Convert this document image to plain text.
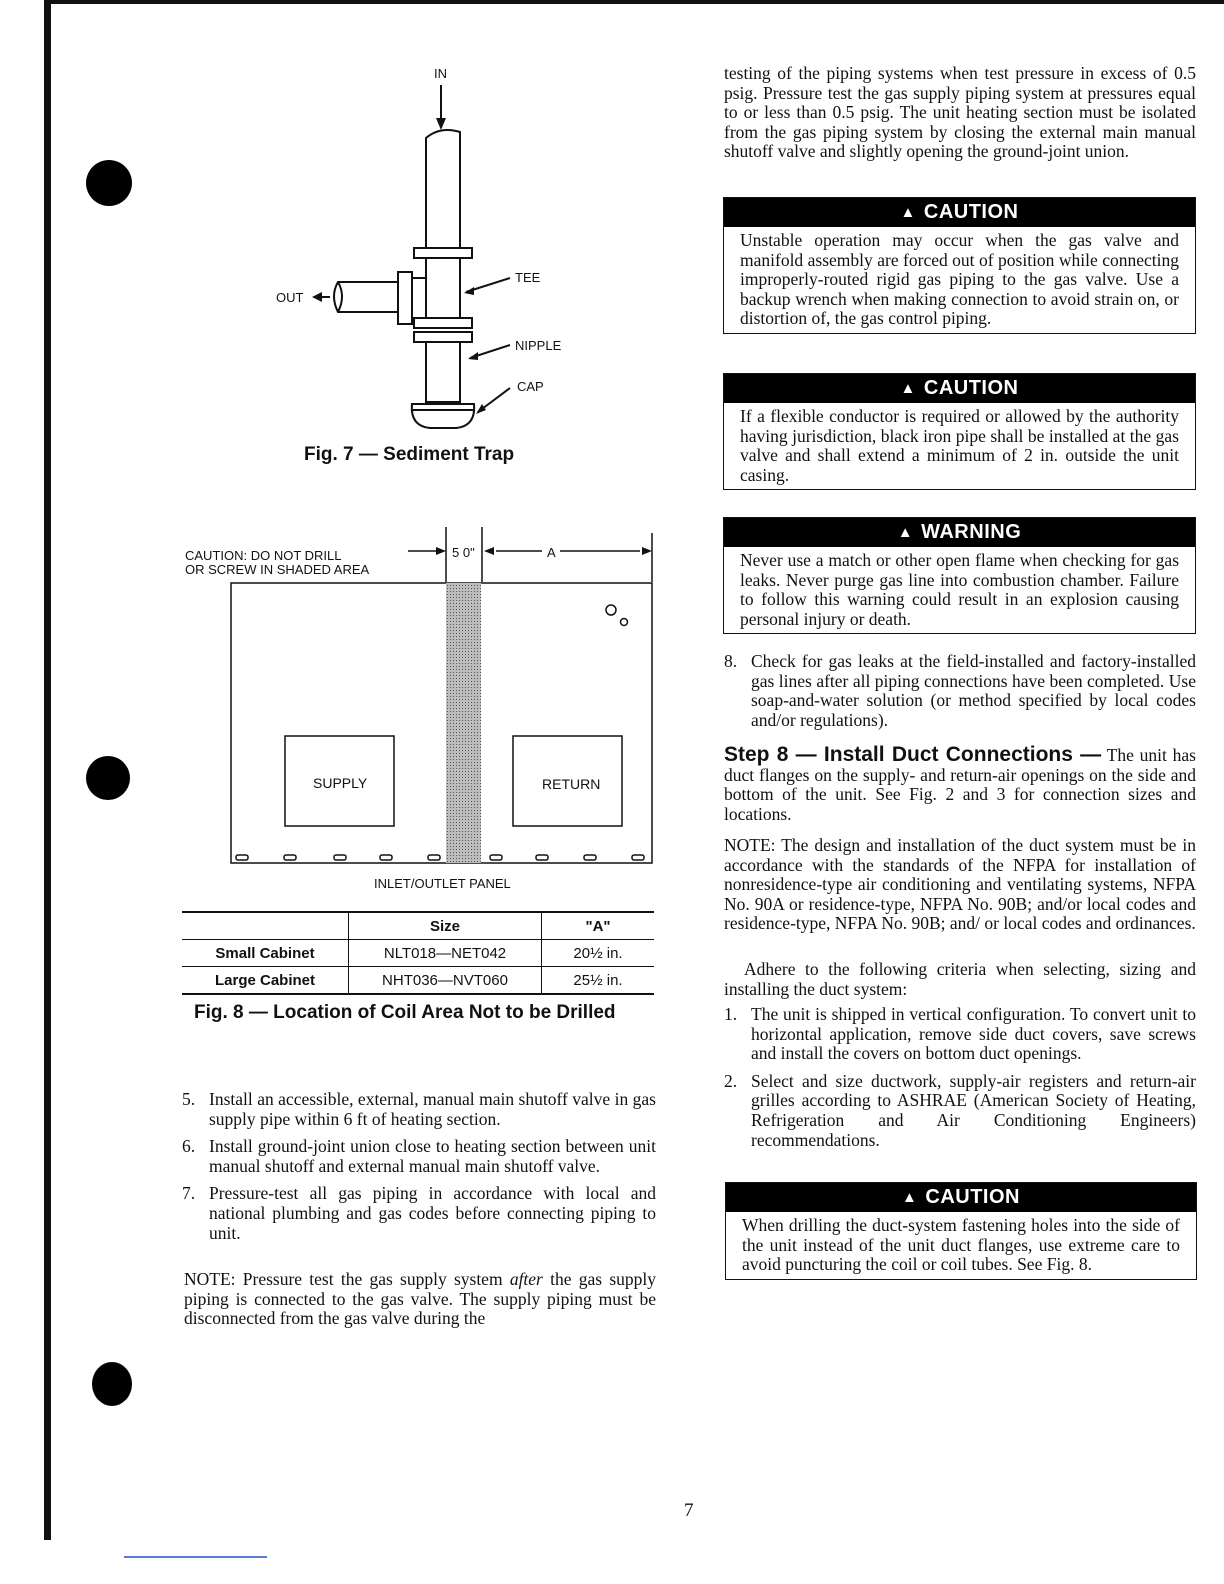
IN
OUT
TEE
NIPPLE
CAP
Fig. 7 — Sediment Trap
CAUTION: DO NOT DRILL
OR SCREW IN SHADED AREA
5 0"	A
SUPPLY	RETURN
INLET/OUTLET PANEL
	Size	"A"
Small Cabinet	NLT018—NET042	20½ in.
Large Cabinet	NHT036—NVT060	25½ in.
Fig. 8 — Location of Coil Area Not to be Drilled
5. Install an accessible, external, manual main shutoff valve in gas supply pipe within 6 ft of heating section.
6. Install ground-joint union close to heating section between unit manual shutoff and external manual main shutoff valve.
7. Pressure-test all gas piping in accordance with local and national plumbing and gas codes before connecting piping to unit.

NOTE: Pressure test the gas supply system after the gas supply piping is connected to the gas valve. The supply piping must be disconnected from the gas valve during the

testing of the piping systems when test pressure in excess of 0.5 psig. Pressure test the gas supply piping system at pressures equal to or less than 0.5 psig. The unit heating section must be isolated from the gas piping system by closing the external main manual shutoff valve and slightly opening the ground-joint union.

▲ CAUTION
Unstable operation may occur when the gas valve and manifold assembly are forced out of position while connecting improperly-routed rigid gas piping to the gas valve. Use a backup wrench when making connection to avoid strain on, or distortion of, the gas control piping.
▲ CAUTION
If a flexible conductor is required or allowed by the authority having jurisdiction, black iron pipe shall be installed at the gas valve and shall extend a minimum of 2 in. outside the unit casing.
▲ WARNING
Never use a match or other open flame when checking for gas leaks. Never purge gas line into combustion chamber. Failure to follow this warning could result in an explosion causing personal injury or death.
8. Check for gas leaks at the field-installed and factory-installed gas lines after all piping connections have been completed. Use soap-and-water solution (or method specified by local codes and/or regulations).

Step 8 — Install Duct Connections — The unit has duct flanges on the supply- and return-air openings on the side and bottom of the unit. See Fig. 2 and 3 for connection sizes and locations.

NOTE: The design and installation of the duct system must be in accordance with the standards of the NFPA for installation of nonresidence-type air conditioning and ventilating systems, NFPA No. 90A or residence-type, NFPA No. 90B; and/or local codes and residence-type, NFPA No. 90B; and/ or local codes and ordinances.

Adhere to the following criteria when selecting, sizing and installing the duct system:

1. The unit is shipped in vertical configuration. To convert unit to horizontal application, remove side duct covers, save screws and install the covers on bottom duct openings.
2. Select and size ductwork, supply-air registers and return-air grilles according to ASHRAE (American Society of Heating, Refrigeration and Air Conditioning Engineers) recommendations.
▲ CAUTION
When drilling the duct-system fastening holes into the side of the unit instead of the unit duct flanges, use extreme care to avoid puncturing the coil or coil tubes. See Fig. 8.
7
